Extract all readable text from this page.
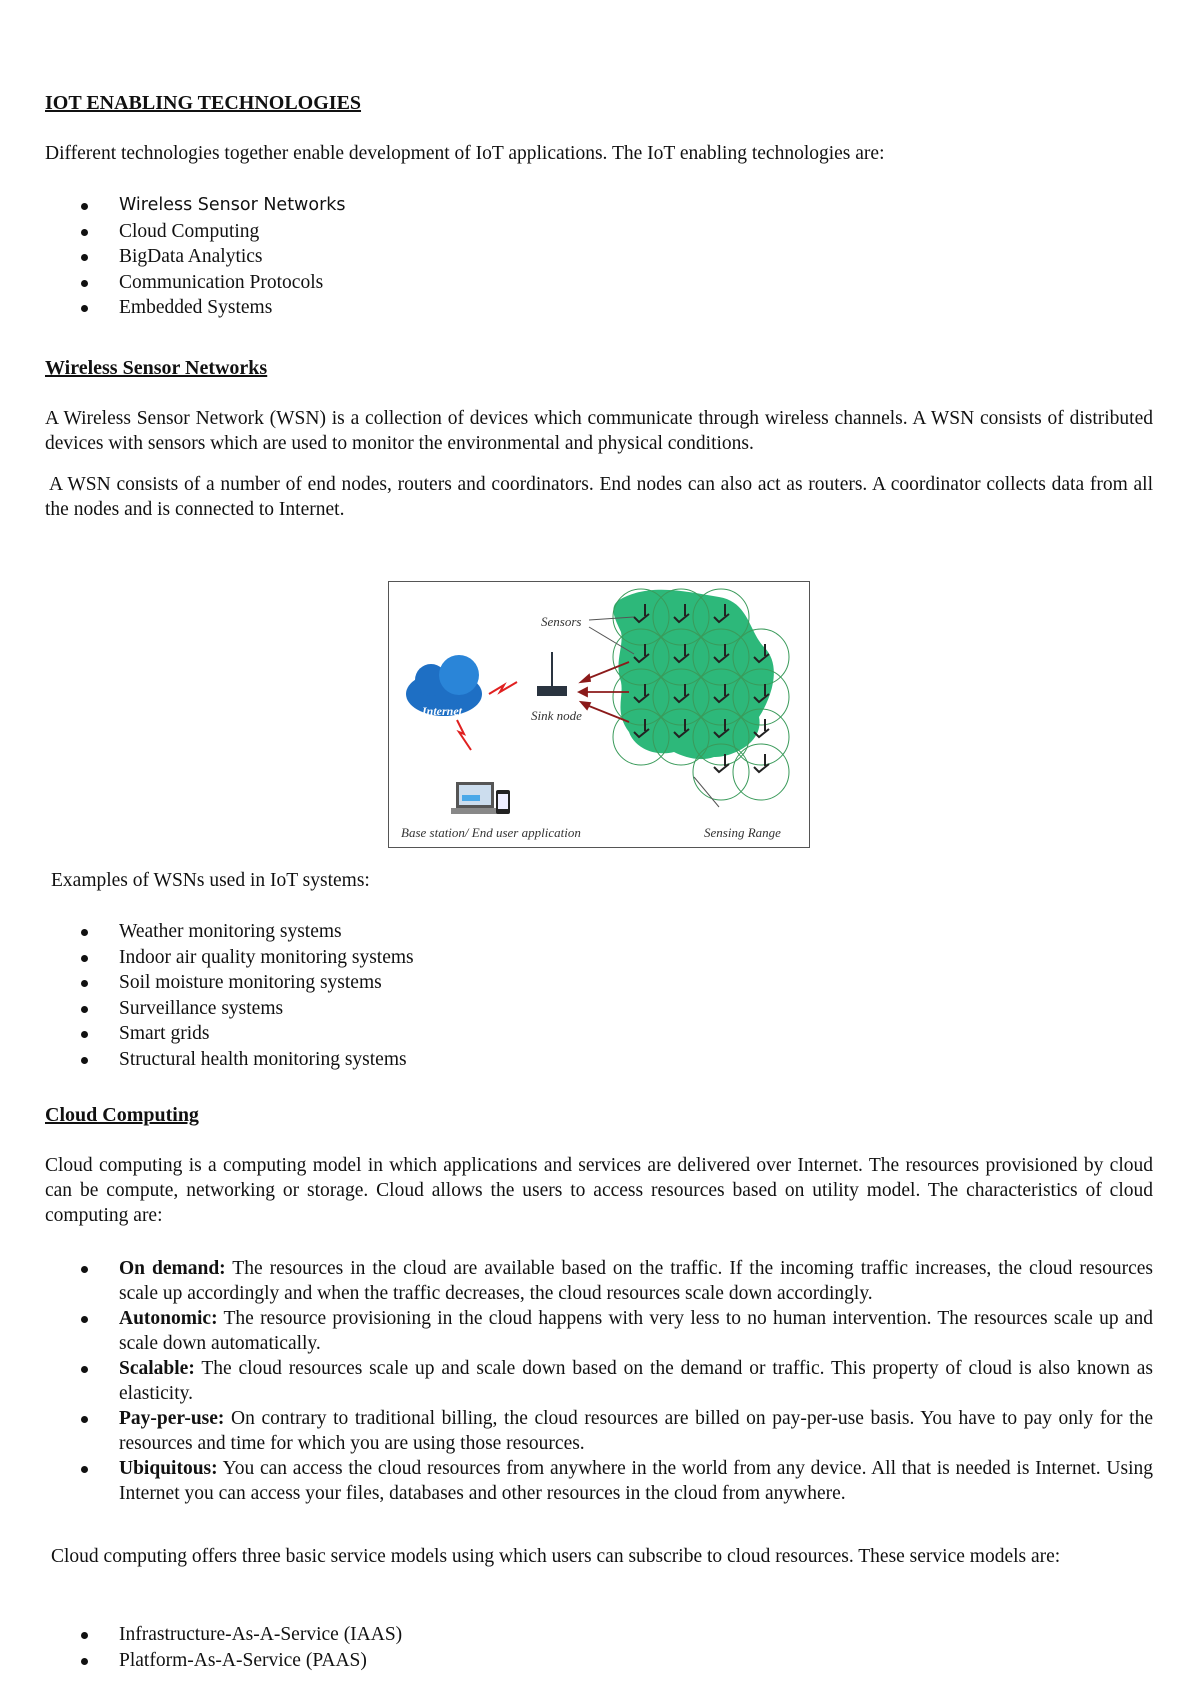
IOT ENABLING TECHNOLOGIES
Different technologies together enable development of IoT applications. The IoT enabling technologies are:
Wireless Sensor Networks
Cloud Computing
BigData Analytics
Communication Protocols
Embedded Systems
Wireless Sensor Networks
A Wireless Sensor Network (WSN) is a collection of devices which communicate through wireless channels. A WSN consists of distributed devices with sensors which are used to monitor the environmental and physical conditions.
A WSN consists of a number of end nodes, routers and coordinators. End nodes can also act as routers. A coordinator collects data from all the nodes and is connected to Internet.
Sensors
Sink node
Internet
Base station/ End user application	Sensing Range
Examples of WSNs used in IoT systems:
Weather monitoring systems
Indoor air quality monitoring systems
Soil moisture monitoring systems
Surveillance systems
Smart grids
Structural health monitoring systems
Cloud Computing
Cloud computing is a computing model in which applications and services are delivered over Internet. The resources provisioned by cloud can be compute, networking or storage. Cloud allows the users to access resources based on utility model. The characteristics of cloud computing are:
On demand: The resources in the cloud are available based on the traffic. If the incoming traffic increases, the cloud resources scale up accordingly and when the traffic decreases, the cloud resources scale down accordingly.
Autonomic: The resource provisioning in the cloud happens with very less to no human intervention. The resources scale up and scale down automatically.
Scalable: The cloud resources scale up and scale down based on the demand or traffic. This property of cloud is also known as elasticity.
Pay-per-use: On contrary to traditional billing, the cloud resources are billed on pay-per-use basis. You have to pay only for the resources and time for which you are using those resources.
Ubiquitous: You can access the cloud resources from anywhere in the world from any device. All that is needed is Internet. Using Internet you can access your files, databases and other resources in the cloud from anywhere.
Cloud computing offers three basic service models using which users can subscribe to cloud resources. These service models are:
Infrastructure-As-A-Service (IAAS)
Platform-As-A-Service (PAAS)
